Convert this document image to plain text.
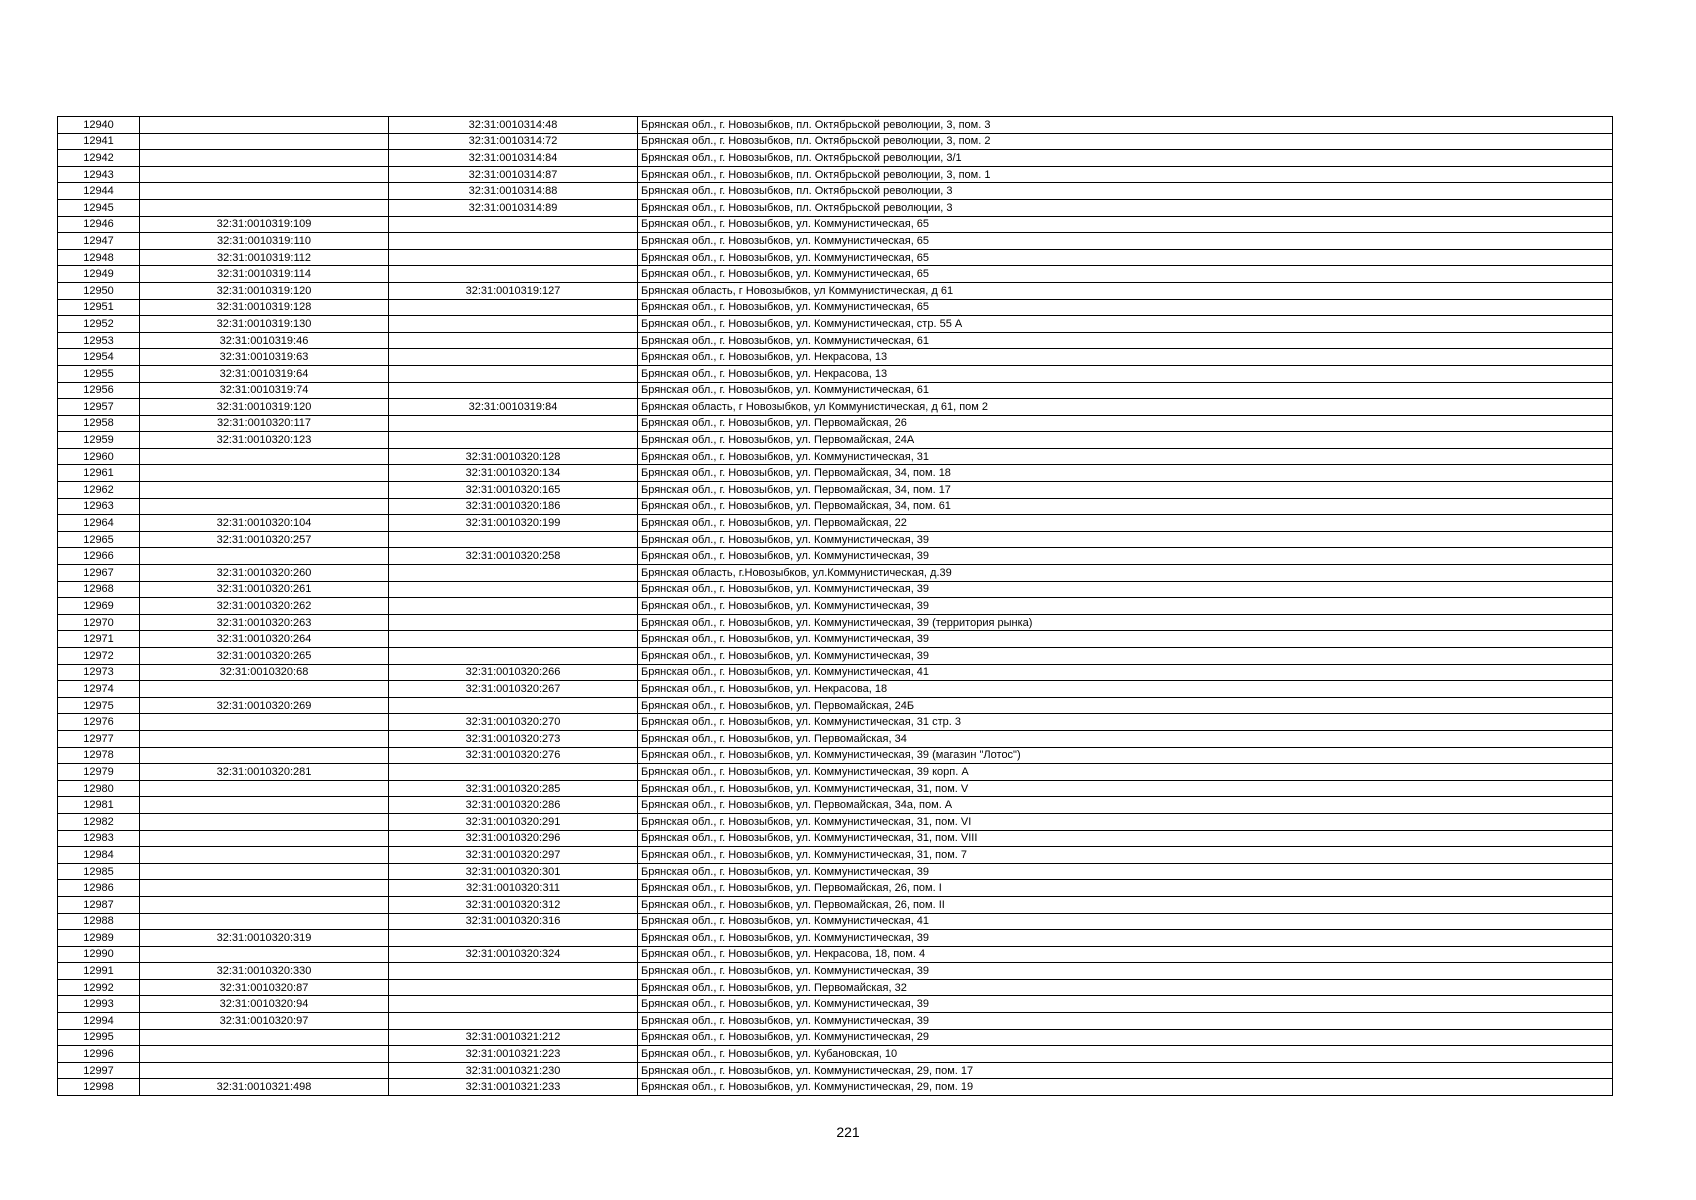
12940		32:31:0010314:48	Брянская обл., г. Новозыбков, пл. Октябрьской революции, 3, пом. 3
12941		32:31:0010314:72	Брянская обл., г. Новозыбков, пл. Октябрьской революции, 3, пом. 2
12942		32:31:0010314:84	Брянская обл., г. Новозыбков, пл. Октябрьской революции, 3/1
12943		32:31:0010314:87	Брянская обл., г. Новозыбков, пл. Октябрьской революции, 3, пом. 1
12944		32:31:0010314:88	Брянская обл., г. Новозыбков, пл. Октябрьской революции, 3
12945		32:31:0010314:89	Брянская обл., г. Новозыбков, пл. Октябрьской революции, 3
12946	32:31:0010319:109		Брянская обл., г. Новозыбков, ул. Коммунистическая, 65
12947	32:31:0010319:110		Брянская обл., г. Новозыбков, ул. Коммунистическая, 65
12948	32:31:0010319:112		Брянская обл., г. Новозыбков, ул. Коммунистическая, 65
12949	32:31:0010319:114		Брянская обл., г. Новозыбков, ул. Коммунистическая, 65
12950	32:31:0010319:120	32:31:0010319:127	Брянская область, г Новозыбков, ул Коммунистическая, д 61
12951	32:31:0010319:128		Брянская обл., г. Новозыбков, ул. Коммунистическая, 65
12952	32:31:0010319:130		Брянская обл., г. Новозыбков, ул. Коммунистическая, стр. 55 А
12953	32:31:0010319:46		Брянская обл., г. Новозыбков, ул. Коммунистическая, 61
12954	32:31:0010319:63		Брянская обл., г. Новозыбков, ул. Некрасова, 13
12955	32:31:0010319:64		Брянская обл., г. Новозыбков, ул. Некрасова, 13
12956	32:31:0010319:74		Брянская обл., г. Новозыбков, ул. Коммунистическая, 61
12957	32:31:0010319:120	32:31:0010319:84	Брянская область, г Новозыбков, ул Коммунистическая, д 61, пом 2
12958	32:31:0010320:117		Брянская обл., г. Новозыбков, ул. Первомайская, 26
12959	32:31:0010320:123		Брянская обл., г. Новозыбков, ул. Первомайская, 24А
12960		32:31:0010320:128	Брянская обл., г. Новозыбков, ул. Коммунистическая, 31
12961		32:31:0010320:134	Брянская обл., г. Новозыбков, ул. Первомайская, 34, пом. 18
12962		32:31:0010320:165	Брянская обл., г. Новозыбков, ул. Первомайская, 34, пом. 17
12963		32:31:0010320:186	Брянская обл., г. Новозыбков, ул. Первомайская, 34, пом. 61
12964	32:31:0010320:104	32:31:0010320:199	Брянская обл., г. Новозыбков, ул. Первомайская, 22
12965	32:31:0010320:257		Брянская обл., г. Новозыбков, ул. Коммунистическая, 39
12966		32:31:0010320:258	Брянская обл., г. Новозыбков, ул. Коммунистическая, 39
12967	32:31:0010320:260		Брянская область, г.Новозыбков, ул.Коммунистическая, д.39
12968	32:31:0010320:261		Брянская обл., г. Новозыбков, ул. Коммунистическая, 39
12969	32:31:0010320:262		Брянская обл., г. Новозыбков, ул. Коммунистическая, 39
12970	32:31:0010320:263		Брянская обл., г. Новозыбков, ул. Коммунистическая, 39 (территория рынка)
12971	32:31:0010320:264		Брянская обл., г. Новозыбков, ул. Коммунистическая, 39
12972	32:31:0010320:265		Брянская обл., г. Новозыбков, ул. Коммунистическая, 39
12973	32:31:0010320:68	32:31:0010320:266	Брянская обл., г. Новозыбков, ул. Коммунистическая, 41
12974		32:31:0010320:267	Брянская обл., г. Новозыбков, ул. Некрасова, 18
12975	32:31:0010320:269		Брянская обл., г. Новозыбков, ул. Первомайская, 24Б
12976		32:31:0010320:270	Брянская обл., г. Новозыбков, ул. Коммунистическая, 31 стр. 3
12977		32:31:0010320:273	Брянская обл., г. Новозыбков, ул. Первомайская, 34
12978		32:31:0010320:276	Брянская обл., г. Новозыбков, ул. Коммунистическая, 39 (магазин "Лотос")
12979	32:31:0010320:281		Брянская обл., г. Новозыбков, ул. Коммунистическая, 39 корп. А
12980		32:31:0010320:285	Брянская обл., г. Новозыбков, ул. Коммунистическая, 31, пом. V
12981		32:31:0010320:286	Брянская обл., г. Новозыбков, ул. Первомайская, 34а, пом. А
12982		32:31:0010320:291	Брянская обл., г. Новозыбков, ул. Коммунистическая, 31, пом. VI
12983		32:31:0010320:296	Брянская обл., г. Новозыбков, ул. Коммунистическая, 31, пом. VIII
12984		32:31:0010320:297	Брянская обл., г. Новозыбков, ул. Коммунистическая, 31, пом. 7
12985		32:31:0010320:301	Брянская обл., г. Новозыбков, ул. Коммунистическая, 39
12986		32:31:0010320:311	Брянская обл., г. Новозыбков, ул. Первомайская, 26, пом. I
12987		32:31:0010320:312	Брянская обл., г. Новозыбков, ул. Первомайская, 26, пом. II
12988		32:31:0010320:316	Брянская обл., г. Новозыбков, ул. Коммунистическая, 41
12989	32:31:0010320:319		Брянская обл., г. Новозыбков, ул. Коммунистическая, 39
12990		32:31:0010320:324	Брянская обл., г. Новозыбков, ул. Некрасова, 18, пом. 4
12991	32:31:0010320:330		Брянская обл., г. Новозыбков, ул. Коммунистическая, 39
12992	32:31:0010320:87		Брянская обл., г. Новозыбков, ул. Первомайская, 32
12993	32:31:0010320:94		Брянская обл., г. Новозыбков, ул. Коммунистическая, 39
12994	32:31:0010320:97		Брянская обл., г. Новозыбков, ул. Коммунистическая, 39
12995		32:31:0010321:212	Брянская обл., г. Новозыбков, ул. Коммунистическая, 29
12996		32:31:0010321:223	Брянская обл., г. Новозыбков, ул. Кубановская, 10
12997		32:31:0010321:230	Брянская обл., г. Новозыбков, ул. Коммунистическая, 29, пом. 17
12998	32:31:0010321:498	32:31:0010321:233	Брянская обл., г. Новозыбков, ул. Коммунистическая, 29, пом. 19
221
